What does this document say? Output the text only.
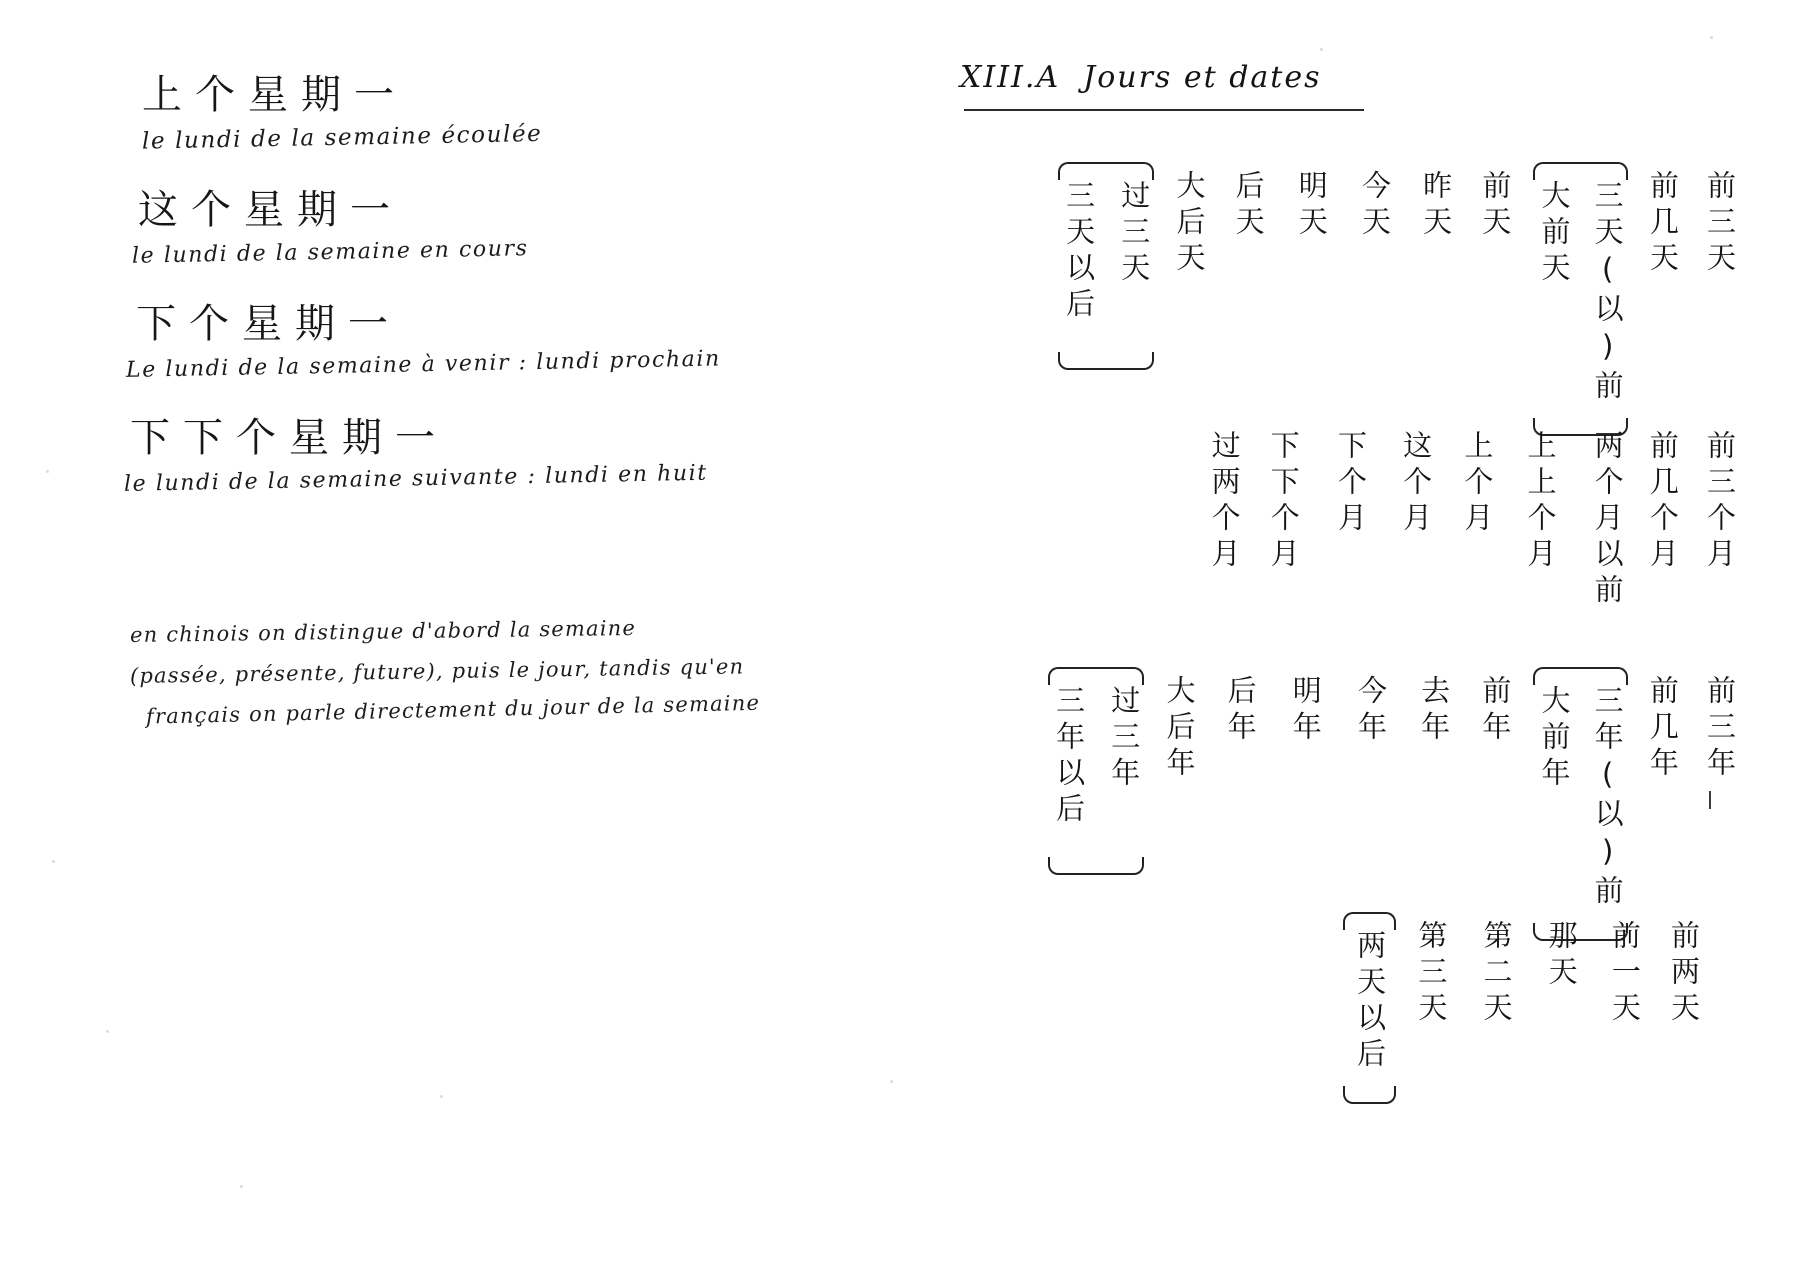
上个星期一
le lundi de la semaine écoulée
这个星期一
le lundi de la semaine en cours
下个星期一
Le lundi de la semaine à venir : lundi prochain
下下个星期一
le lundi de la semaine suivante : lundi en huit
en chinois on distingue d'abord la semaine
(passée, présente, future), puis le jour, tandis qu'en
français on parle directement du jour de la semaine
XIII.A  Jours et dates
前三天
前几天
三天(以)前
大前天
前天
昨天
今天
明天
后天
大后天
过三天
三天以后
前三个月
前几个月
两个月以前
上上个月
上个月
这个月
下个月
下下个月
过两个月
前三年
前几年
三年(以)前
大前年
前年
去年
今年
明年
后年
大后年
过三年
三年以后
前两天
前一天
那天
第二天
第三天
两天以后
